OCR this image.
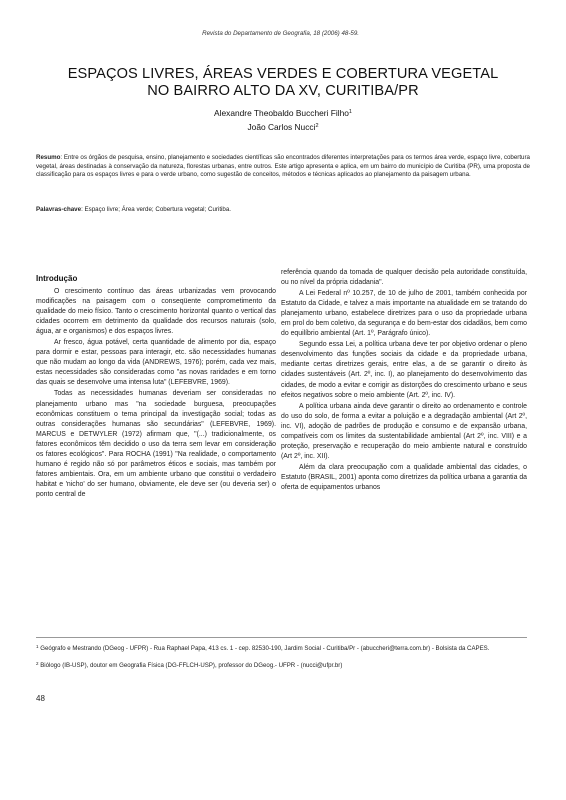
Revista do Departamento de Geografia, 18 (2006) 48-59.
ESPAÇOS LIVRES, ÁREAS VERDES E COBERTURA VEGETAL
NO BAIRRO ALTO DA XV, CURITIBA/PR
Alexandre Theobaldo Buccheri Filho$^1$
João Carlos Nucci$^2$
Resumo: Entre os órgãos de pesquisa, ensino, planejamento e sociedades científicas são encontrados diferentes interpretações para os termos área verde, espaço livre, cobertura vegetal, áreas destinadas à conservação da natureza, florestas urbanas, entre outros. Este artigo apresenta e aplica, em um bairro do município de Curitiba (PR), uma proposta de classificação para os espaços livres e para o verde urbano, como sugestão de conceitos, métodos e técnicas aplicados ao planejamento da paisagem urbana.
Palavras-chave: Espaço livre; Área verde; Cobertura vegetal; Curitiba.
Introdução

O crescimento contínuo das áreas urbanizadas vem provocando modificações na paisagem com o conseqüente comprometimento da qualidade do meio físico. Tanto o crescimento horizontal quanto o vertical das cidades ocorrem em detrimento da qualidade dos recursos naturais (solo, água, ar e organismos) e dos espaços livres.

Ar fresco, água potável, certa quantidade de alimento por dia, espaço para dormir e estar, pessoas para interagir, etc. são necessidades humanas que não mudam ao longo da vida (ANDREWS, 1976); porém, cada vez mais, estas necessidades são consideradas como "as novas raridades e em torno das quais se desenvolve uma intensa luta" (LEFEBVRE, 1969).

Todas as necessidades humanas deveriam ser consideradas no planejamento urbano mas "na sociedade burguesa, preocupações econômicas constituem o tema principal da investigação social; todas as outras considerações humanas são secundárias" (LEFEBVRE, 1969). MARCUS e DETWYLER (1972) afirmam que, "(...) tradicionalmente, os fatores econômicos têm decidido o uso da terra sem levar em consideração os fatores ecológicos". Para ROCHA (1991) "Na realidade, o comportamento humano é regido não só por parâmetros éticos e sociais, mas também por fatores ambientais. Ora, em um ambiente urbano que constitui o verdadeiro habitat e 'nicho' do ser humano, obviamente, ele deve ser (ou deveria ser) o ponto central de

referência quando da tomada de qualquer decisão pela autoridade constituída, ou no nível da própria cidadania".

A Lei Federal nº 10.257, de 10 de julho de 2001, também conhecida por Estatuto da Cidade, e talvez a mais importante na atualidade em se tratando do planejamento urbano, estabelece diretrizes para o uso da propriedade urbana em prol do bem coletivo, da segurança e do bem-estar dos cidadãos, bem como do equilíbrio ambiental (Art. 1º, Parágrafo único).

Segundo essa Lei, a política urbana deve ter por objetivo ordenar o pleno desenvolvimento das funções sociais da cidade e da propriedade urbana, mediante certas diretrizes gerais, entre elas, a de se garantir o direito às cidades sustentáveis (Art. 2º, inc. I), ao planejamento do desenvolvimento das cidades, de modo a evitar e corrigir as distorções do crescimento urbano e seus efeitos negativos sobre o meio ambiente (Art. 2º, inc. IV).

A política urbana ainda deve garantir o direito ao ordenamento e controle do uso do solo, de forma a evitar a poluição e a degradação ambiental (Art 2º, inc. VI), adoção de padrões de produção e consumo e de expansão urbana, compatíveis com os limites da sustentabilidade ambiental (Art 2º, inc. VIII) e a proteção, preservação e recuperação do meio ambiente natural e construído (Art 2º, inc. XII).

Além da clara preocupação com a qualidade ambiental das cidades, o Estatuto (BRASIL, 2001) aponta como diretrizes da política urbana a garantia da oferta de equipamentos urbanos

$^1$ Geógrafo e Mestrando (DGeog - UFPR) - Rua Raphael Papa, 413 cs. 1 - cep. 82530-190, Jardim Social - Curitiba/Pr - (abuccheri@terra.com.br) - Bolsista da CAPES.

$^2$ Biólogo (IB-USP), doutor em Geografia Física (DG-FFLCH-USP), professor do DGeog.- UFPR - (nucci@ufpr.br)

48
